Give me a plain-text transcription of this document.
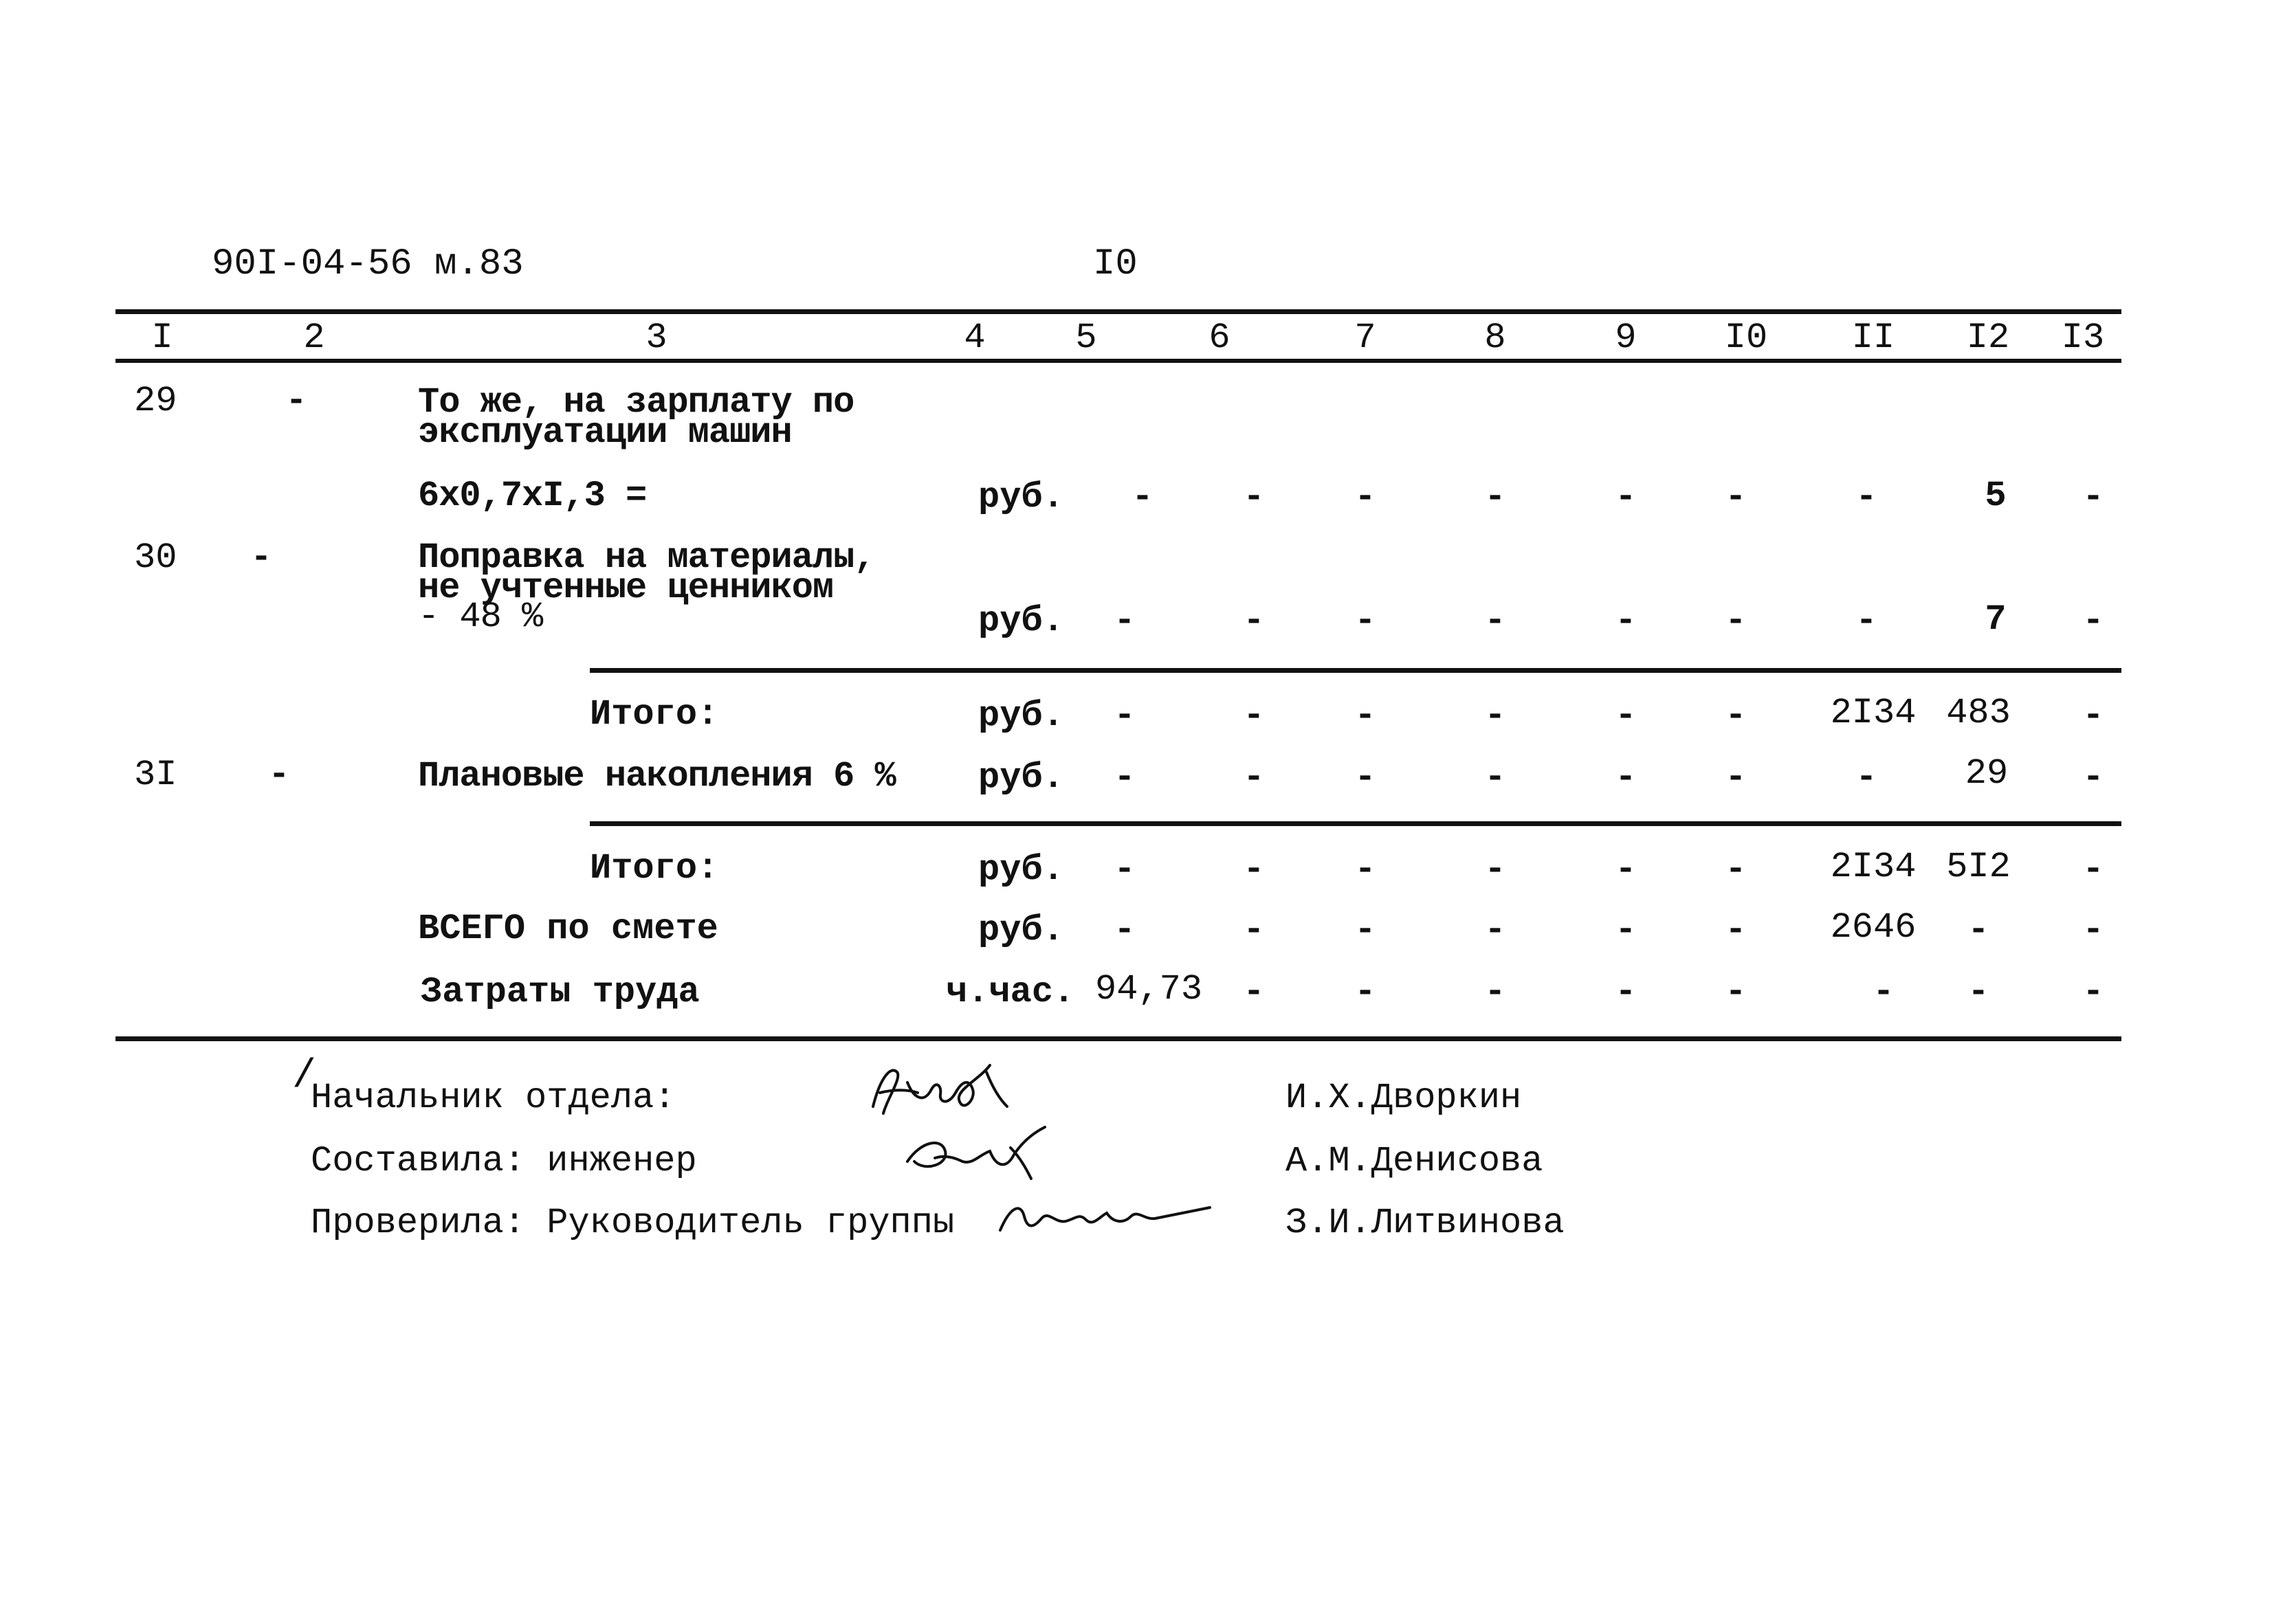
90I-04-56 м.83	I0
I	2	3	4	5	6	7	8	9 I0 II I2 I3
29	-	То же, на зарплату по
эксплуатации машин
6х0,7хI,3 =	руб. -	-	-	-	- -	-	5 -
30 -	Поправка на материалы,
не учтенные ценником
- 48 %	руб. -	-	-	-	- -	-	7 -
Итого:	руб. -	-	-	-	- - 2I34 483 -
3I	-	Плановые накопления 6 % руб. -	-	-	-	- -	- 29 -
Итого:	руб. -	-	-	-	- - 2I34 5I2 -
ВСЕГО по смете	руб. -	-	-	-	- - 2646 -	-
Затраты труда	ч.час. 94,73 -	-	-	- -	- -	-
/
Начальник отдела:
Составила: инженер
Проверила: Руководитель группы
И.Х.Дворкин
А.М.Денисова
З.И.Литвинова
